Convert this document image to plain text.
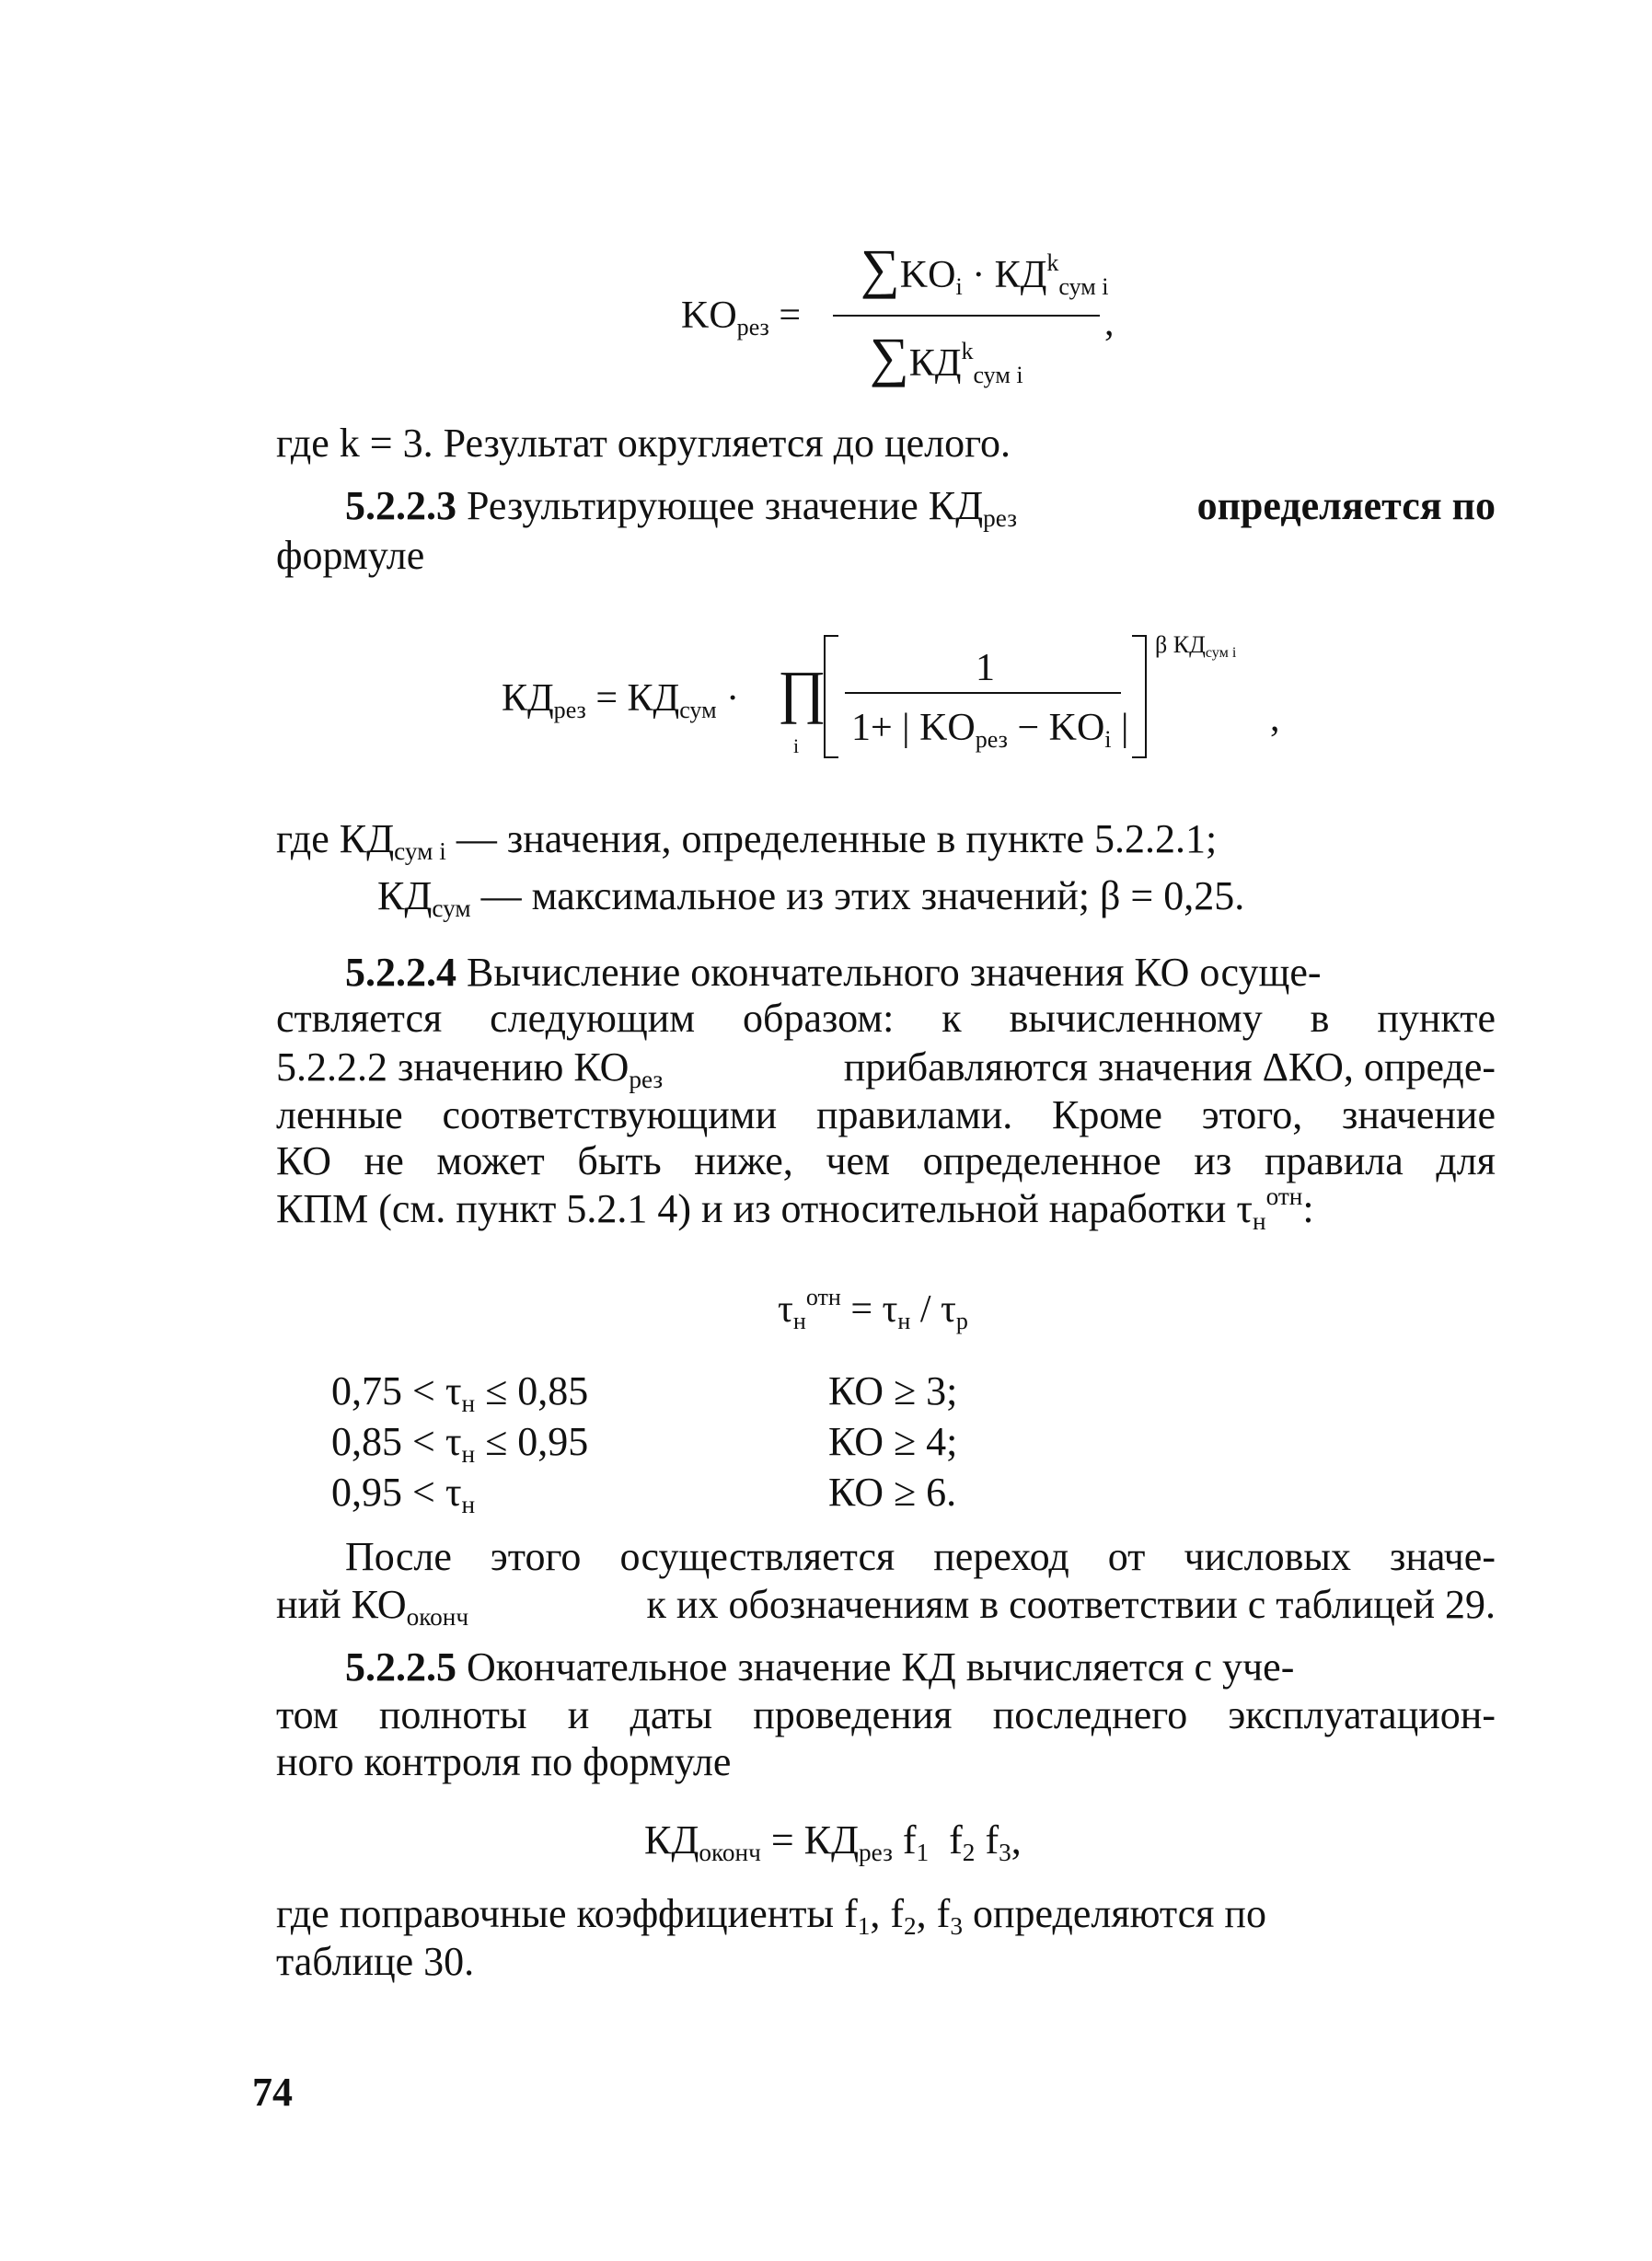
$\sum KO_i \cdot КД^k_{сум i}$
$KO_{рез}$ =	,
$\sum КД^k_{сум i}$
где k = 3. Результат округляется до целого.
5.2.2.3 Результирующее значение $КД_{рез}$	определяется по
формуле
$КД_{рез} = КД_{сум}$ · ∏
i
1
1+ | $KO_{рез} - KO_i$ |
β $КД_{сум i}$
,
где $КД_{сум i}$ — значения, определенные в пункте 5.2.2.1;
$КД_{сум}$ — максимальное из этих значений; β = 0,25.
5.2.2.4 Вычисление окончательного значения КО осуще-
ствляется следующим образом: к вычисленному в пункте
5.2.2.2 значению $КО_{рез}$	прибавляются значения ΔКО, опреде-
ленные соответствующими правилами. Кроме этого, значение
КО не может быть ниже, чем определенное из правила для
КПМ (см. пункт 5.2.1 4) и из относительной наработки $\tau_н^{отн}$:
$\tau_н^{отн} = \tau_н / \tau_р$
$0,75 < \tau_н \le 0,85$	КО ≥ 3;
$0,85 < \tau_н \le 0,95$	КО ≥ 4;
$0,95 < \tau_н$	КО ≥ 6.
После этого осуществляется переход от числовых значе-
ний $КО_{оконч}$	к их обозначениям в соответствии с таблицей 29.
5.2.2.5 Окончательное значение КД вычисляется с уче-
том полноты и даты проведения последнего эксплуатацион-
ного контроля по формуле
$КД_{оконч} = КД_{рез}$ $f_1$  $f_2$ $f_3$,
где поправочные коэффициенты $f_1$, $f_2$, $f_3$ определяются по
таблице 30.
74
